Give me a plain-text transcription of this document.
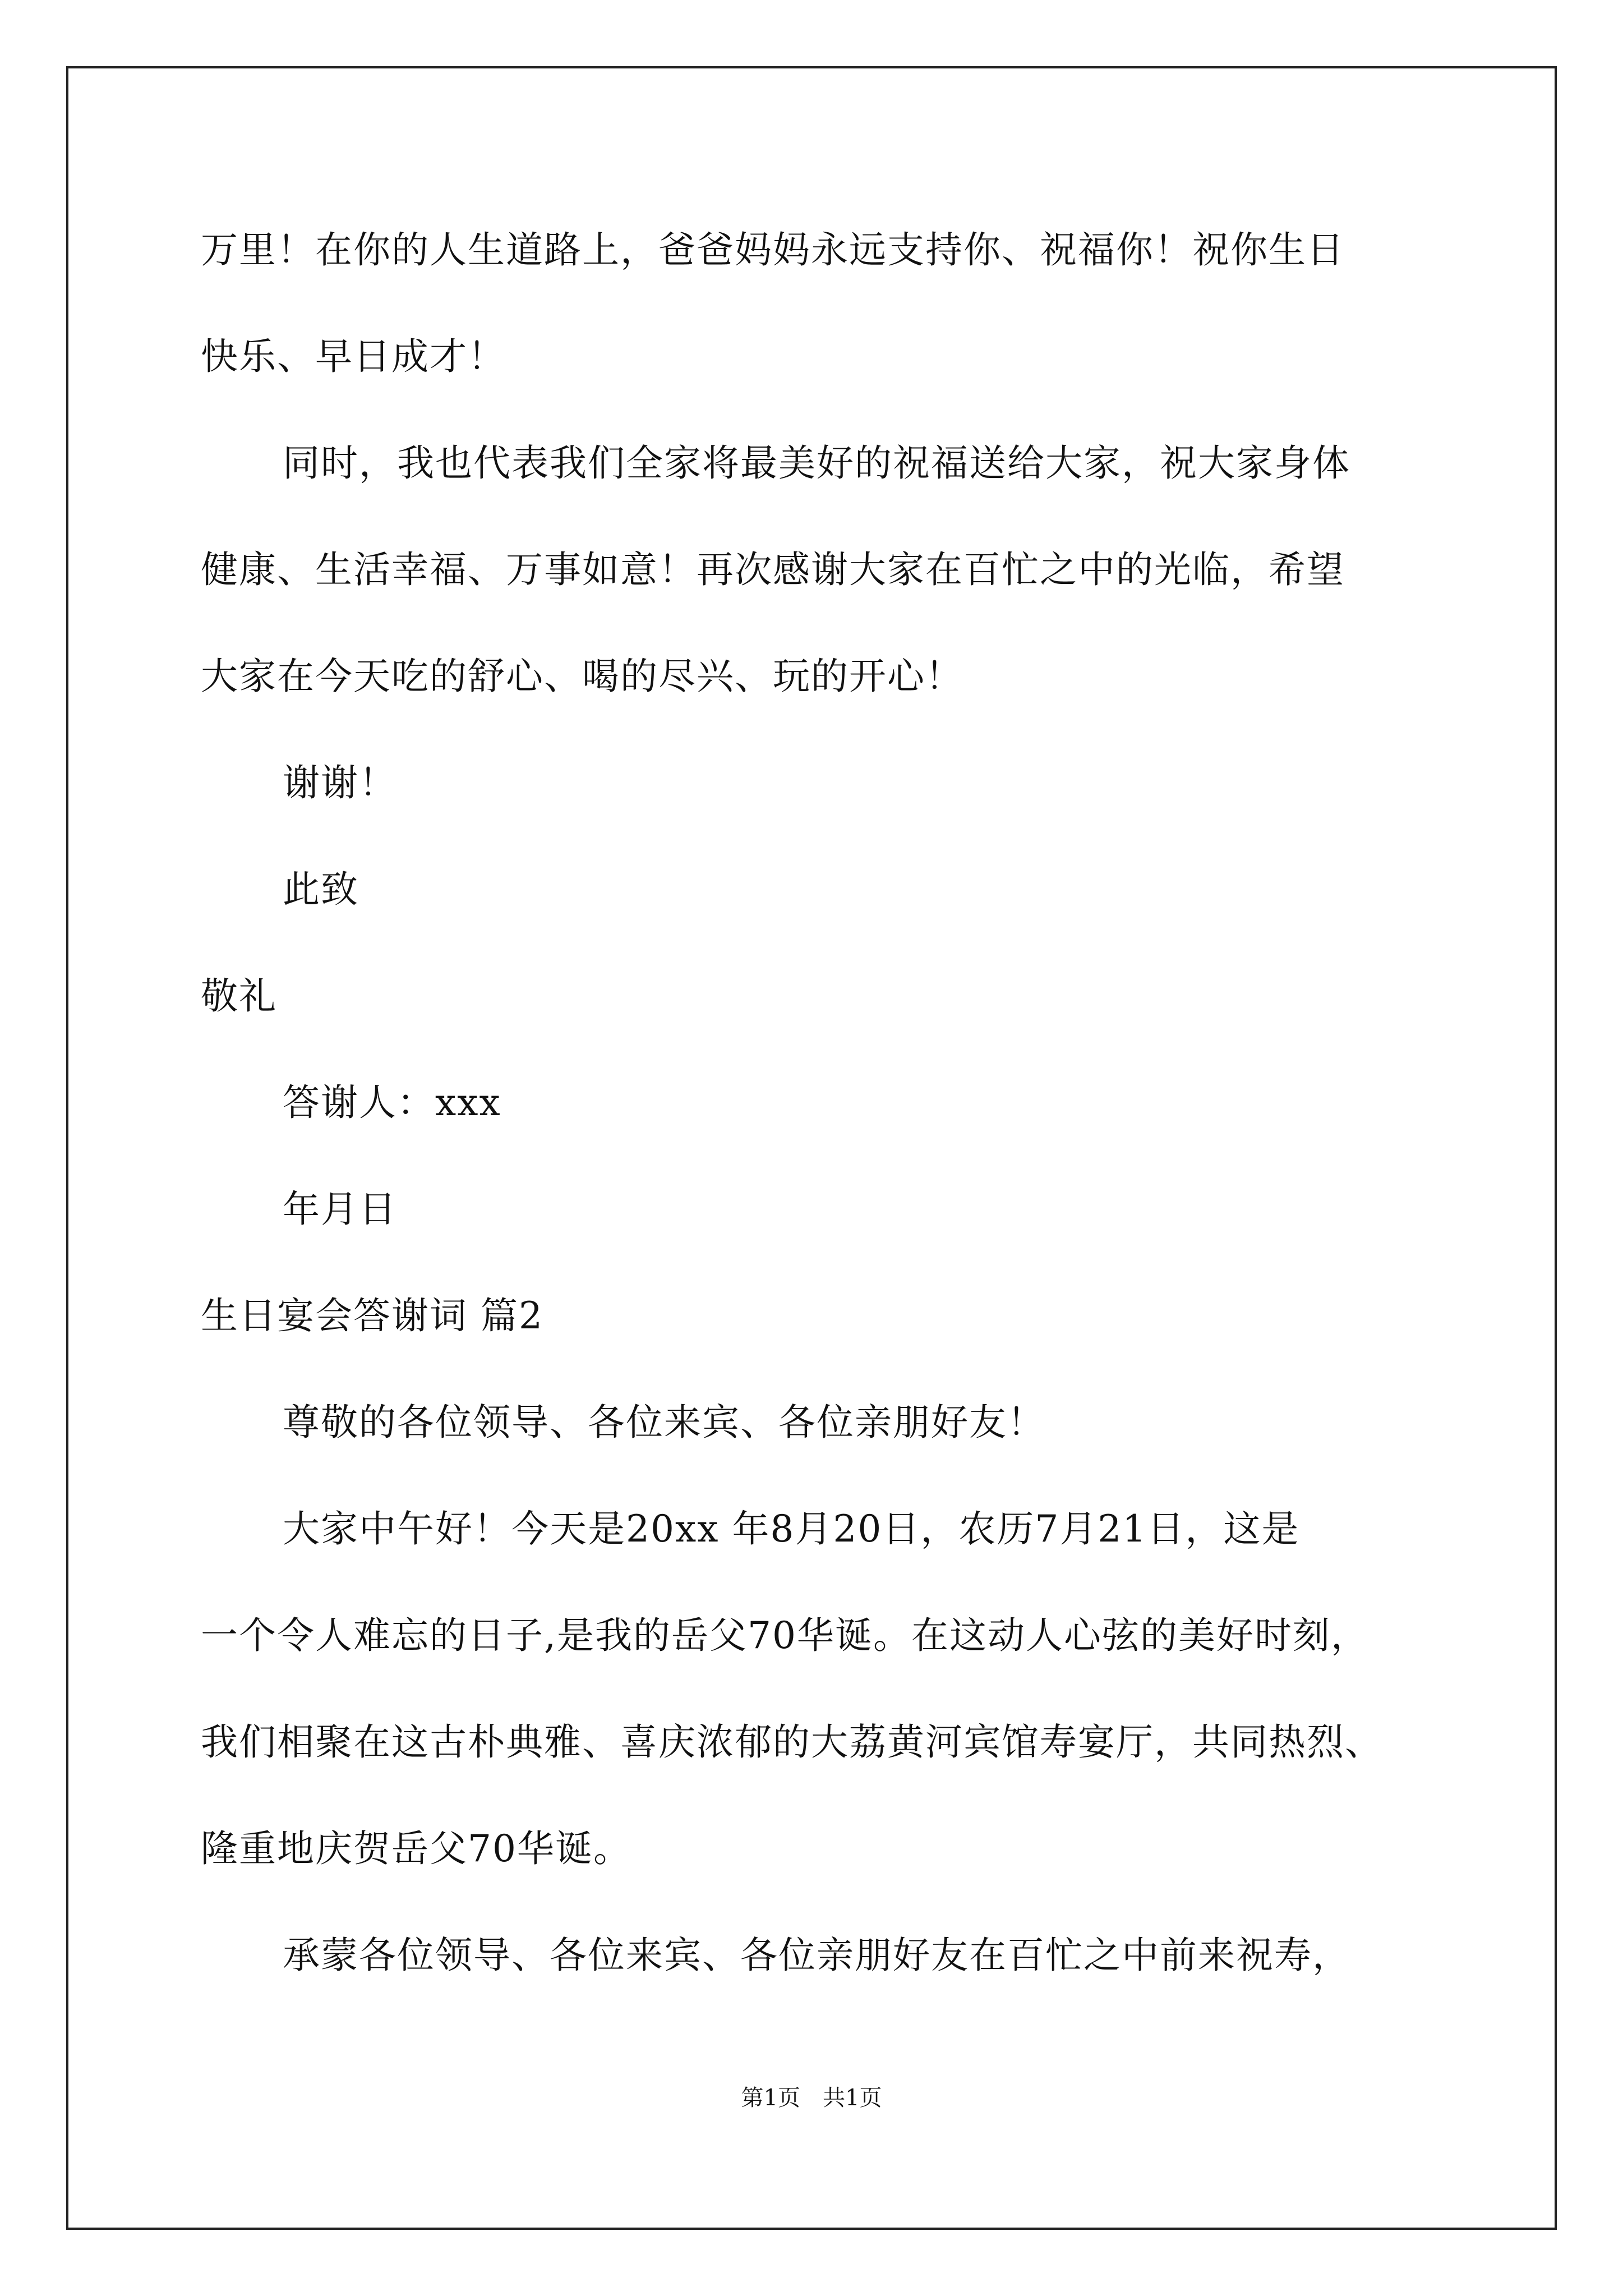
万里！在你的人生道路上，爸爸妈妈永远支持你、祝福你！祝你生日
快乐、早日成才！
同时，我也代表我们全家将最美好的祝福送给大家，祝大家身体
健康、生活幸福、万事如意！再次感谢大家在百忙之中的光临，希望
大家在今天吃的舒心、喝的尽兴、玩的开心！
谢谢！
此致
敬礼
答谢人：xxx
年月日
生日宴会答谢词 篇2
尊敬的各位领导、各位来宾、各位亲朋好友！
大家中午好！今天是20xx 年8月20日，农历7月21日，这是
一个令人难忘的日子,是我的岳父70华诞。在这动人心弦的美好时刻，
我们相聚在这古朴典雅、喜庆浓郁的大荔黄河宾馆寿宴厅，共同热烈、
隆重地庆贺岳父70华诞。
承蒙各位领导、各位来宾、各位亲朋好友在百忙之中前来祝寿，
第1页　共1页
